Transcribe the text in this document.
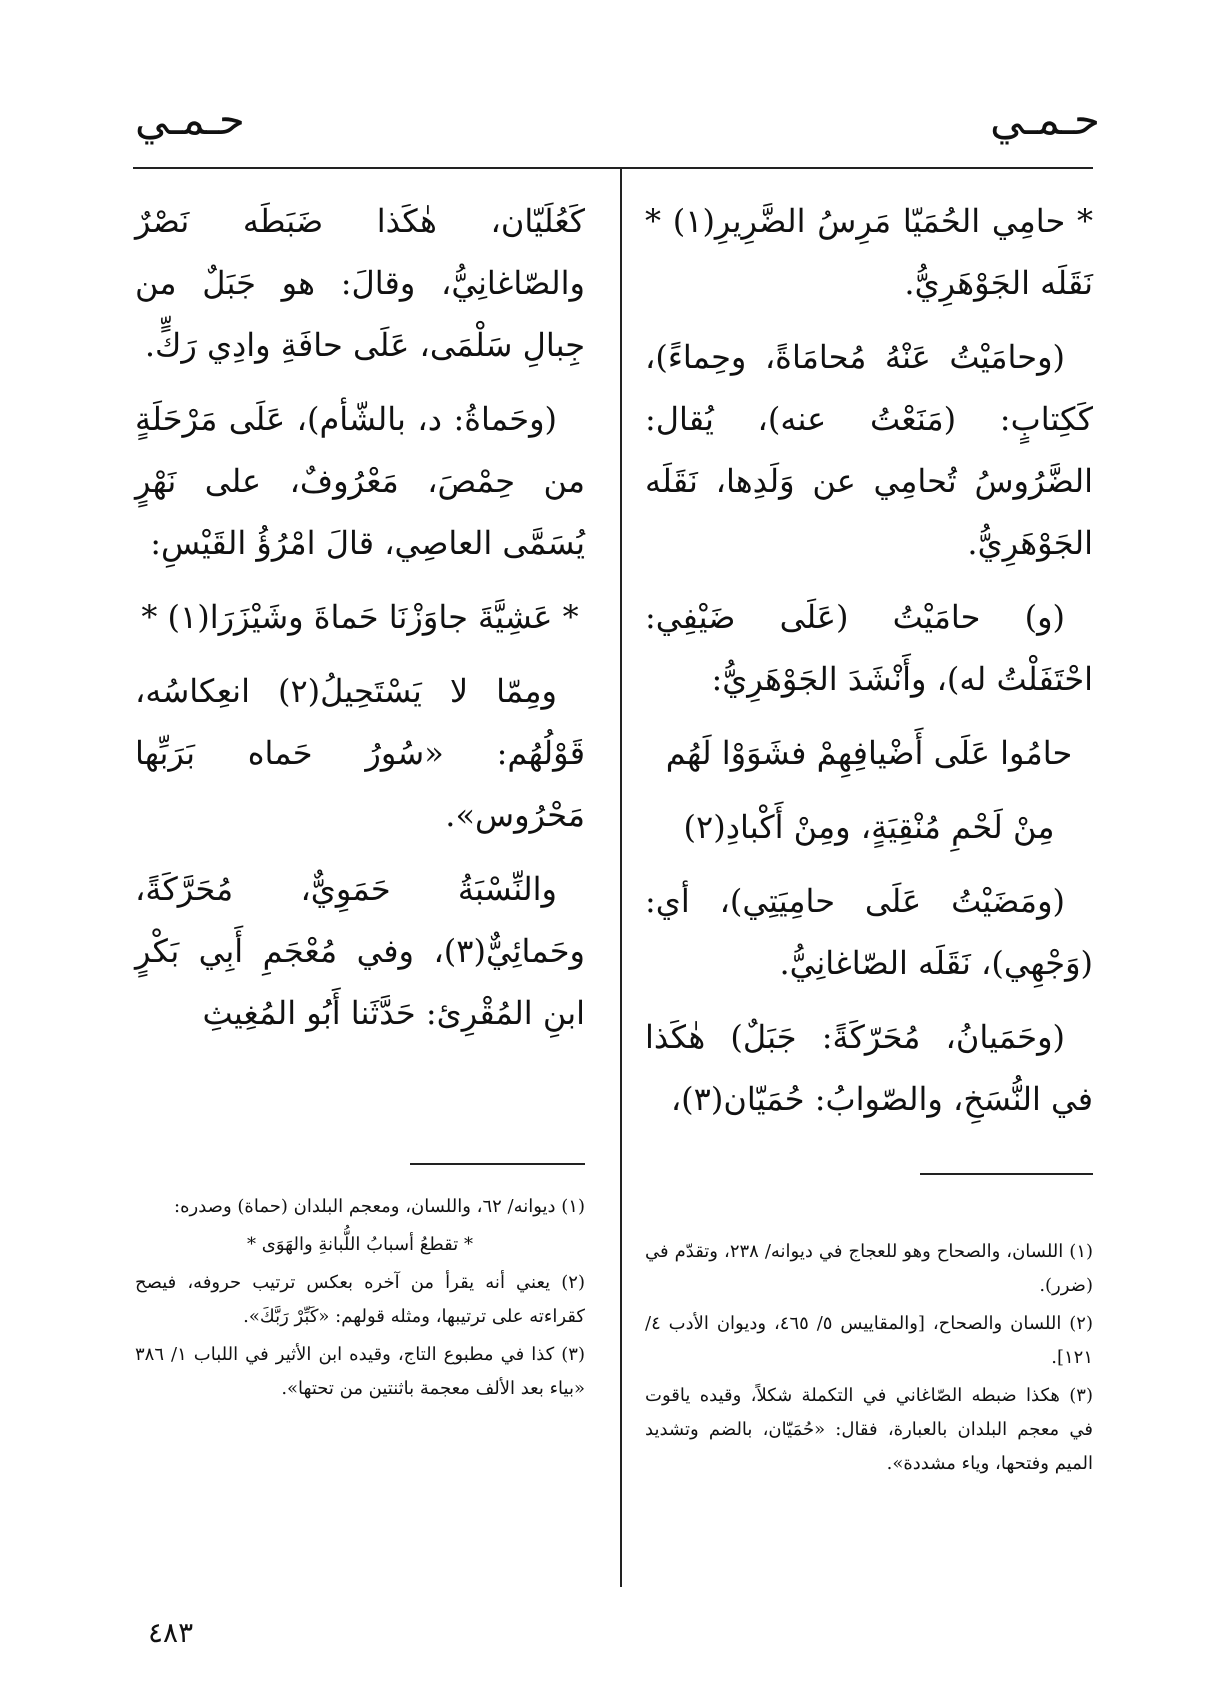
حـمـي	حـمـي

* حامِي الحُمَيّا مَرِسُ الضَّرِيرِ(١) * نَقَلَه الجَوْهَرِيُّ.

(وحامَيْتُ عَنْهُ مُحامَاةً، وحِماءً)، كَكِتابٍ: (مَنَعْتُ عنه)، يُقال: الضَّرُوسُ تُحامِي عن وَلَدِها، نَقَلَه الجَوْهَرِيُّ.

(و) حامَيْتُ (عَلَى ضَيْفِي: احْتَفَلْتُ له)، وأَنْشَدَ الجَوْهَرِيُّ:

حامُوا عَلَى أَضْيافِهِمْ فشَوَوْا لَهُم

مِنْ لَحْمِ مُنْقِيَةٍ، ومِنْ أَكْبادِ(٢)

(ومَضَيْتُ عَلَى حامِيَتِي)، أي: (وَجْهِي)، نَقَلَه الصّاغانِيُّ.

(وحَمَيانُ، مُحَرّكَةً: جَبَلٌ) هٰكَذا في النُّسَخِ، والصّوابُ: حُمَيّان(٣)،

كَعُلَيّان، هٰكَذا ضَبَطَه نَصْرٌ والصّاغانِيُّ، وقالَ: هو جَبَلٌ من جِبالِ سَلْمَى، عَلَى حافَةِ وادِي رَكٍّ.

(وحَماةُ: د، بالشّأم)، عَلَى مَرْحَلَةٍ من حِمْصَ، مَعْرُوفٌ، على نَهْرٍ يُسَمَّى العاصِي، قالَ امْرُؤُ القَيْسِ:

* عَشِيَّةَ جاوَزْنَا حَماةَ وشَيْزَرَا(١) *

ومِمّا لا يَسْتَحِيلُ(٢) انعِكاسُه، قَوْلُهُم: «سُورُ حَماه بَرَبِّها مَحْرُوس».

والنِّسْبَةُ حَمَوِيٌّ، مُحَرَّكَةً، وحَمائِيٌّ(٣)، وفي مُعْجَمِ أَبِي بَكْرٍ ابنِ المُقْرِئ: حَدَّثَنا أَبُو المُغِيثِ

(١) اللسان، والصحاح وهو للعجاج في ديوانه/ ٢٣٨، وتقدّم في (ضرر).

(٢) اللسان والصحاح، [والمقاييس ٥/ ٤٦٥، وديوان الأدب ٤/ ١٢١].

(٣) هكذا ضبطه الصّاغاني في التكملة شكلاً، وقيده ياقوت في معجم البلدان بالعبارة، فقال: «حُمَيّان، بالضم وتشديد الميم وفتحها، وياء مشددة».

(١) ديوانه/ ٦٢، واللسان، ومعجم البلدان (حماة) وصدره:

* تقطعُ أسبابُ اللُّبانةِ والهَوَى *

(٢) يعني أنه يقرأ من آخره بعكس ترتيب حروفه، فيصح كقراءته على ترتيبها، ومثله قولهم: «كَبِّرْ رَبَّكَ».

(٣) كذا في مطبوع التاج، وقيده ابن الأثير في اللباب ١/ ٣٨٦ «بياء بعد الألف معجمة باثنتين من تحتها».

٤٨٣
